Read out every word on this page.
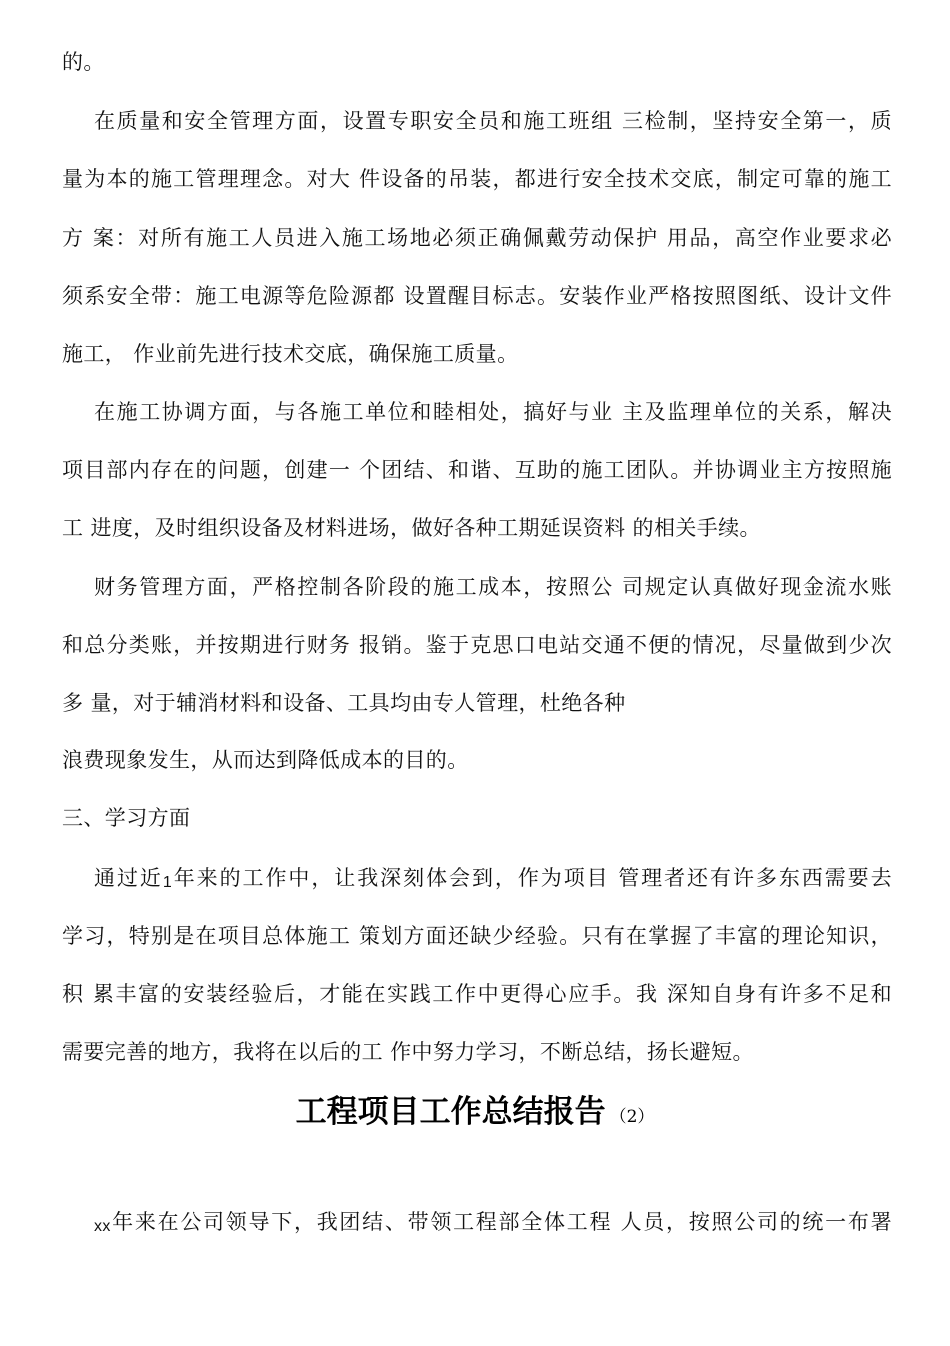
的。
在质量和安全管理方面，设置专职安全员和施工班组 三检制，坚持安全第一，质
量为本的施工管理理念。对大 件设备的吊装，都进行安全技术交底，制定可靠的施工
方 案：对所有施工人员进入施工场地必须正确佩戴劳动保护 用品，高空作业要求必
须系安全带：施工电源等危险源都 设置醒目标志。安装作业严格按照图纸、设计文件
施工， 作业前先进行技术交底，确保施工质量。
在施工协调方面，与各施工单位和睦相处，搞好与业 主及监理单位的关系，解决
项目部内存在的问题，创建一 个团结、和谐、互助的施工团队。并协调业主方按照施
工 进度，及时组织设备及材料进场，做好各种工期延误资料 的相关手续。
财务管理方面，严格控制各阶段的施工成本，按照公 司规定认真做好现金流水账
和总分类账，并按期进行财务 报销。鉴于克思口电站交通不便的情况，尽量做到少次
多 量，对于辅消材料和设备、工具均由专人管理，杜绝各种
浪费现象发生，从而达到降低成本的目的。
三、学习方面
通过近1年来的工作中，让我深刻体会到，作为项目 管理者还有许多东西需要去
学习，特别是在项目总体施工 策划方面还缺少经验。只有在掌握了丰富的理论知识，
积 累丰富的安装经验后，才能在实践工作中更得心应手。我 深知自身有许多不足和
需要完善的地方，我将在以后的工 作中努力学习，不断总结，扬长避短。
工程项目工作总结报告 （2）
xx年来在公司领导下，我团结、带领工程部全体工程 人员，按照公司的统一布署
